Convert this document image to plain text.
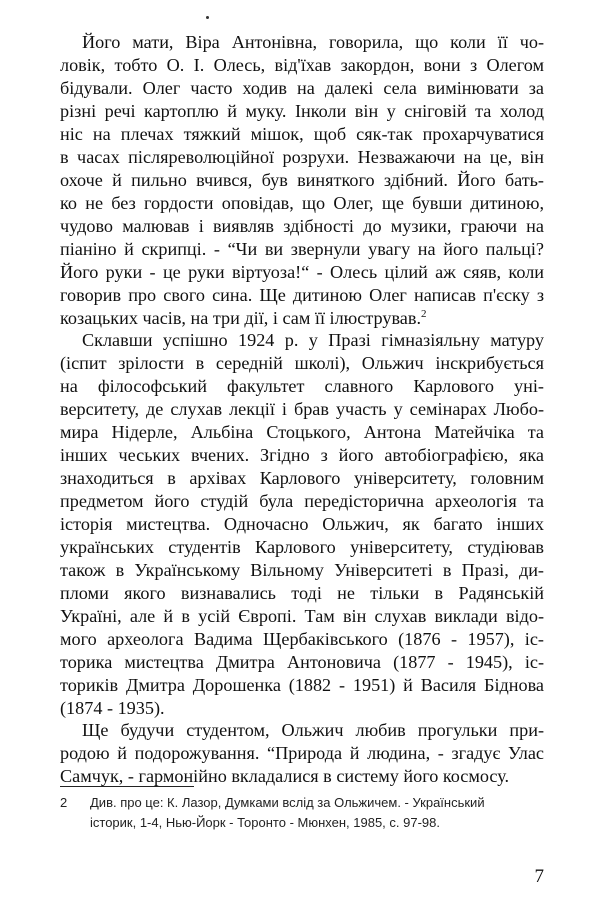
Його мати, Віра Антонівна, говорила, що коли її чо-
ловік, тобто О. І. Олесь, від'їхав закордон, вони з Олегом
бідували. Олег часто ходив на далекі села вимінювати за
різні речі картоплю й муку. Інколи він у сніговій та холод
ніс на плечах тяжкий мішок, щоб сяк-так прохарчуватися
в часах післяреволюційної розрухи. Незважаючи на це, він
охоче й пильно вчився, був виняткого здібний. Його бать-
ко не без гордости оповідав, що Олег, ще бувши дитиною,
чудово малював і виявляв здібності до музики, граючи на
піаніно й скрипці. - “Чи ви звернули увагу на його пальці?
Його руки - це руки віртуоза!“ - Олесь цілий аж сяяв, коли
говорив про свого сина. Ще дитиною Олег написав п'єску з
козацьких часів, на три дії, і сам її ілюстрував.$^2$

Склавши успішно 1924 р. у Празі гімназіяльну матуру
(іспит зрілости в середній школі), Ольжич інскрибується
на філософський факультет славного Карлового уні-
верситету, де слухав лекції і брав участь у семінарах Любо-
мира Нідерле, Альбіна Стоцького, Антона Матейчіка та
інших чеських вчених. Згідно з його автобіографією, яка
знаходиться в архівах Карлового університету, головним
предметом його студій була передісторична археологія та
історія мистецтва. Одночасно Ольжич, як багато інших
українських студентів Карлового університету, студіював
також в Українському Вільному Університеті в Празі, ди-
пломи якого визнавались тоді не тільки в Радянській
Україні, але й в усій Європі. Там він слухав виклади відо-
мого археолога Вадима Щербаківського (1876 - 1957), іс-
торика мистецтва Дмитра Антоновича (1877 - 1945), іс-
ториків Дмитра Дорошенка (1882 - 1951) й Василя Біднова
(1874 - 1935).

Ще будучи студентом, Ольжич любив прогульки при-
родою й подорожування. “Природа й людина, - згадує Улас
Самчук, - гармонійно вкладалися в систему його космосу.

2 Див. про це: К. Лазор, Думками вслід за Ольжичем. - Український
історик, 1-4, Нью-Йорк - Торонто - Мюнхен, 1985, с. 97-98.
7
